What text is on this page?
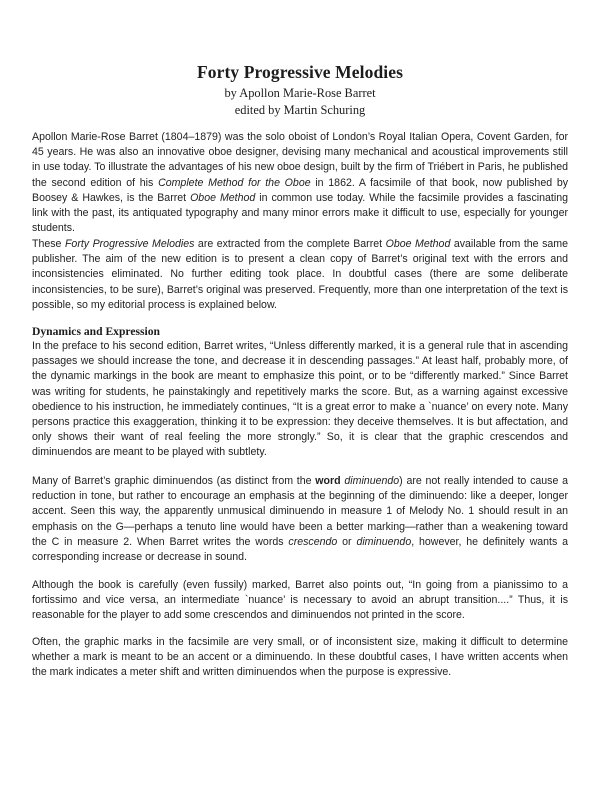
Forty Progressive Melodies
by Apollon Marie-Rose Barret
edited by Martin Schuring

Apollon Marie-Rose Barret (1804–1879) was the solo oboist of London’s Royal Italian Opera, Covent Garden, for 45 years. He was also an innovative oboe designer, devising many mechanical and acoustical improvements still in use today. To illustrate the advantages of his new oboe design, built by the firm of Triébert in Paris, he published the second edition of his Complete Method for the Oboe in 1862. A facsimile of that book, now published by Boosey & Hawkes, is the Barret Oboe Method in common use today. While the facsimile provides a fascinating link with the past, its antiquated typography and many minor errors make it difficult to use, especially for younger students.

These Forty Progressive Melodies are extracted from the complete Barret Oboe Method available from the same publisher. The aim of the new edition is to present a clean copy of Barret’s original text with the errors and inconsistencies eliminated. No further editing took place. In doubtful cases (there are some deliberate inconsistencies, to be sure), Barret’s original was preserved. Frequently, more than one interpretation of the text is possible, so my editorial process is explained below.

Dynamics and Expression

In the preface to his second edition, Barret writes, “Unless differently marked, it is a general rule that in ascending passages we should increase the tone, and decrease it in descending passages.” At least half, probably more, of the dynamic markings in the book are meant to emphasize this point, or to be “differently marked.” Since Barret was writing for students, he painstakingly and repetitively marks the score. But, as a warning against excessive obedience to his instruction, he immediately continues, “It is a great error to make a `nuance’ on every note. Many persons practice this exaggeration, thinking it to be expression: they deceive themselves. It is but affectation, and only shows their want of real feeling the more strongly.” So, it is clear that the graphic crescendos and diminuendos are meant to be played with subtlety.

Many of Barret’s graphic diminuendos (as distinct from the word diminuendo) are not really intended to cause a reduction in tone, but rather to encourage an emphasis at the beginning of the diminuendo: like a deeper, longer accent. Seen this way, the apparently unmusical diminuendo in measure 1 of Melody No. 1 should result in an emphasis on the G—perhaps a tenuto line would have been a better marking—rather than a weakening toward the C in measure 2. When Barret writes the words crescendo or diminuendo, however, he definitely wants a corresponding increase or decrease in sound.

Although the book is carefully (even fussily) marked, Barret also points out, “In going from a pianissimo to a fortissimo and vice versa, an intermediate `nuance’ is necessary to avoid an abrupt transition....” Thus, it is reasonable for the player to add some crescendos and diminuendos not printed in the score.

Often, the graphic marks in the facsimile are very small, or of inconsistent size, making it difficult to determine whether a mark is meant to be an accent or a diminuendo. In these doubtful cases, I have written accents when the mark indicates a meter shift and written diminuendos when the purpose is expressive.
